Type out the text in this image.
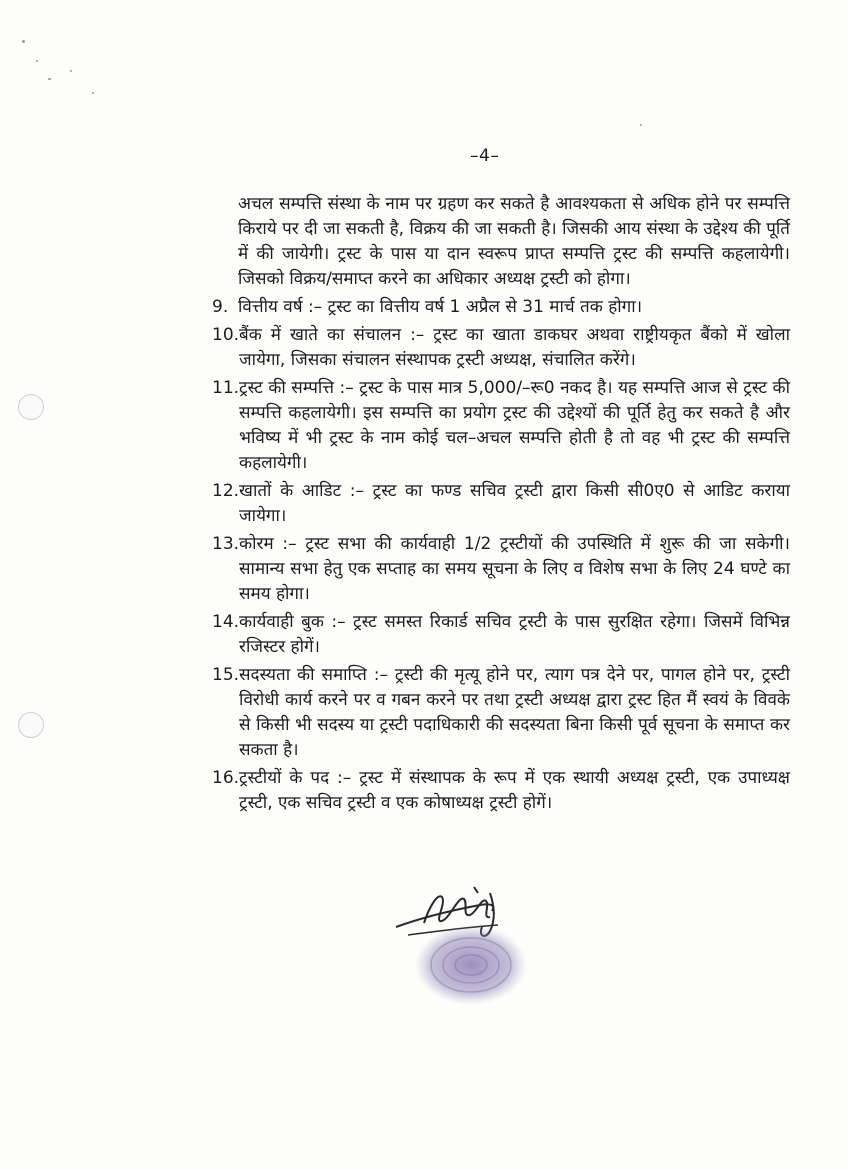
–4–
अचल सम्पत्ति संस्था के नाम पर ग्रहण कर सकते है आवश्यकता से अधिक होने पर सम्पत्ति किराये पर दी जा सकती है, विक्रय की जा सकती है। जिसकी आय संस्था के उद्देश्य की पूर्ति में की जायेगी। ट्रस्ट के पास या दान स्वरूप प्राप्त सम्पत्ति ट्रस्ट की सम्पत्ति कहलायेगी। जिसको विक्रय/समाप्त करने का अधिकार अध्यक्ष ट्रस्टी को होगा।
9. वित्तीय वर्ष :– ट्रस्ट का वित्तीय वर्ष 1 अप्रैल से 31 मार्च तक होगा।
10. बैंक में खाते का संचालन :– ट्रस्ट का खाता डाकघर अथवा राष्ट्रीयकृत बैंको में खोला जायेगा, जिसका संचालन संस्थापक ट्रस्टी अध्यक्ष, संचालित करेंगे।
11. ट्रस्ट की सम्पत्ति :– ट्रस्ट के पास मात्र 5,000/–रू0 नकद है। यह सम्पत्ति आज से ट्रस्ट की सम्पत्ति कहलायेगी। इस सम्पत्ति का प्रयोग ट्रस्ट की उद्देश्यों की पूर्ति हेतु कर सकते है और भविष्य में भी ट्रस्ट के नाम कोई चल–अचल सम्पत्ति होती है तो वह भी ट्रस्ट की सम्पत्ति कहलायेगी।
12. खातों के आडिट :– ट्रस्ट का फण्ड सचिव ट्रस्टी द्वारा किसी सी0ए0 से आडिट कराया जायेगा।
13. कोरम :– ट्रस्ट सभा की कार्यवाही 1/2 ट्रस्टीयों की उपस्थिति में शुरू की जा सकेगी। सामान्य सभा हेतु एक सप्ताह का समय सूचना के लिए व विशेष सभा के लिए 24 घण्टे का समय होगा।
14. कार्यवाही बुक :– ट्रस्ट समस्त रिकार्ड सचिव ट्रस्टी के पास सुरक्षित रहेगा। जिसमें विभिन्न रजिस्टर होगें।
15. सदस्यता की समाप्ति :– ट्रस्टी की मृत्यू होने पर, त्याग पत्र देने पर, पागल होने पर, ट्रस्टी विरोधी कार्य करने पर व गबन करने पर तथा ट्रस्टी अध्यक्ष द्वारा ट्रस्ट हित मैं स्वयं के विवके से किसी भी सदस्य या ट्रस्टी पदाधिकारी की सदस्यता बिना किसी पूर्व सूचना के समाप्त कर सकता है।
16. ट्रस्टीयों के पद :– ट्रस्ट में संस्थापक के रूप में एक स्थायी अध्यक्ष ट्रस्टी, एक उपाध्यक्ष ट्रस्टी, एक सचिव ट्रस्टी व एक कोषाध्यक्ष ट्रस्टी होगें।
